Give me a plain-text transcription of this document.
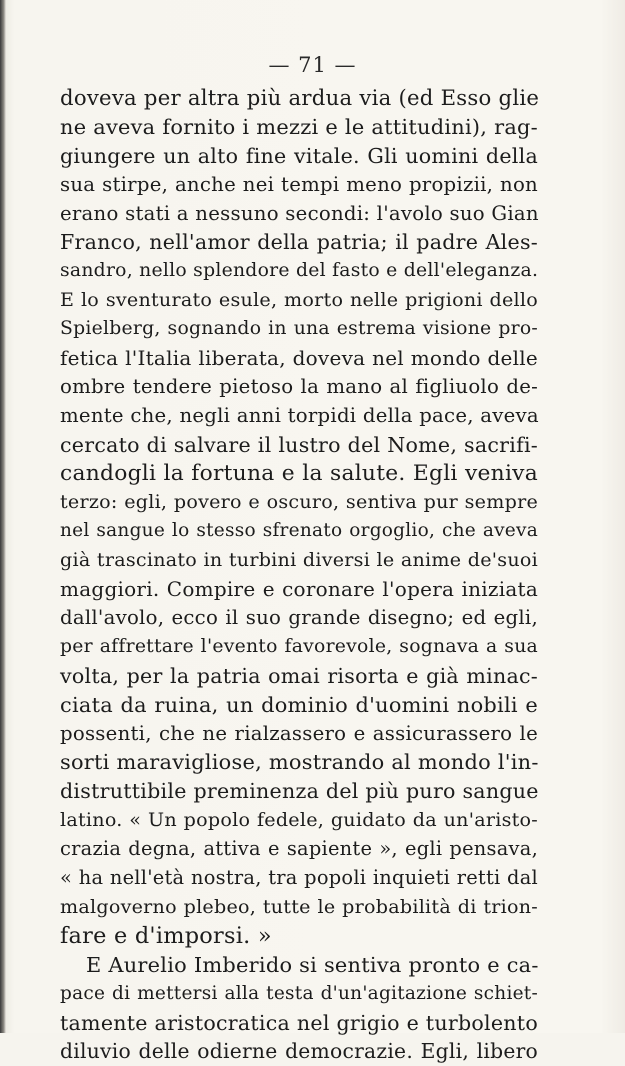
— 71 —
doveva per altra più ardua via (ed Esso glie
ne aveva fornito i mezzi e le attitudini), rag-
giungere un alto fine vitale. Gli uomini della
sua stirpe, anche nei tempi meno propizii, non
erano stati a nessuno secondi: l'avolo suo Gian
Franco, nell'amor della patria; il padre Ales-
sandro, nello splendore del fasto e dell'eleganza.
E lo sventurato esule, morto nelle prigioni dello
Spielberg, sognando in una estrema visione pro-
fetica l'Italia liberata, doveva nel mondo delle
ombre tendere pietoso la mano al figliuolo de-
mente che, negli anni torpidi della pace, aveva
cercato di salvare il lustro del Nome, sacrifi-
candogli la fortuna e la salute. Egli veniva
terzo: egli, povero e oscuro, sentiva pur sempre
nel sangue lo stesso sfrenato orgoglio, che aveva
già trascinato in turbini diversi le anime de'suoi
maggiori. Compire e coronare l'opera iniziata
dall'avolo, ecco il suo grande disegno; ed egli,
per affrettare l'evento favorevole, sognava a sua
volta, per la patria omai risorta e già minac-
ciata da ruina, un dominio d'uomini nobili e
possenti, che ne rialzassero e assicurassero le
sorti maravigliose, mostrando al mondo l'in-
distruttibile preminenza del più puro sangue
latino. « Un popolo fedele, guidato da un'aristo-
crazia degna, attiva e sapiente », egli pensava,
« ha nell'età nostra, tra popoli inquieti retti dal
malgoverno plebeo, tutte le probabilità di trion-
fare e d'imporsi. »
E Aurelio Imberido si sentiva pronto e ca-
pace di mettersi alla testa d'un'agitazione schiet-
tamente aristocratica nel grigio e turbolento
diluvio delle odierne democrazie. Egli, libero
